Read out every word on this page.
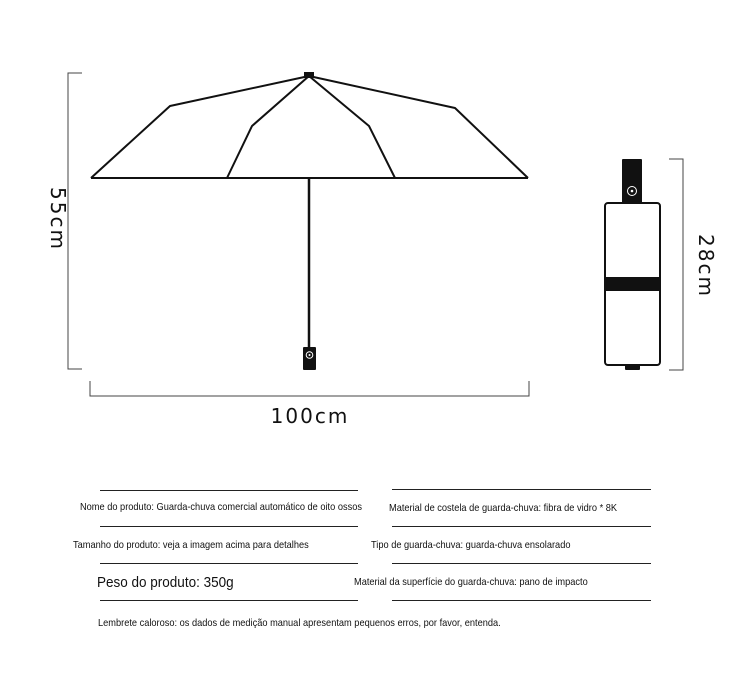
55cm
100cm
28cm
Nome do produto: Guarda-chuva comercial automático de oito ossos	Material de costela de guarda-chuva: fibra de vidro * 8K
Tamanho do produto: veja a imagem acima para detalhes	Tipo de guarda-chuva: guarda-chuva ensolarado
Peso do produto: 350g	Material da superfície do guarda-chuva: pano de impacto
Lembrete caloroso: os dados de medição manual apresentam pequenos erros, por favor, entenda.
